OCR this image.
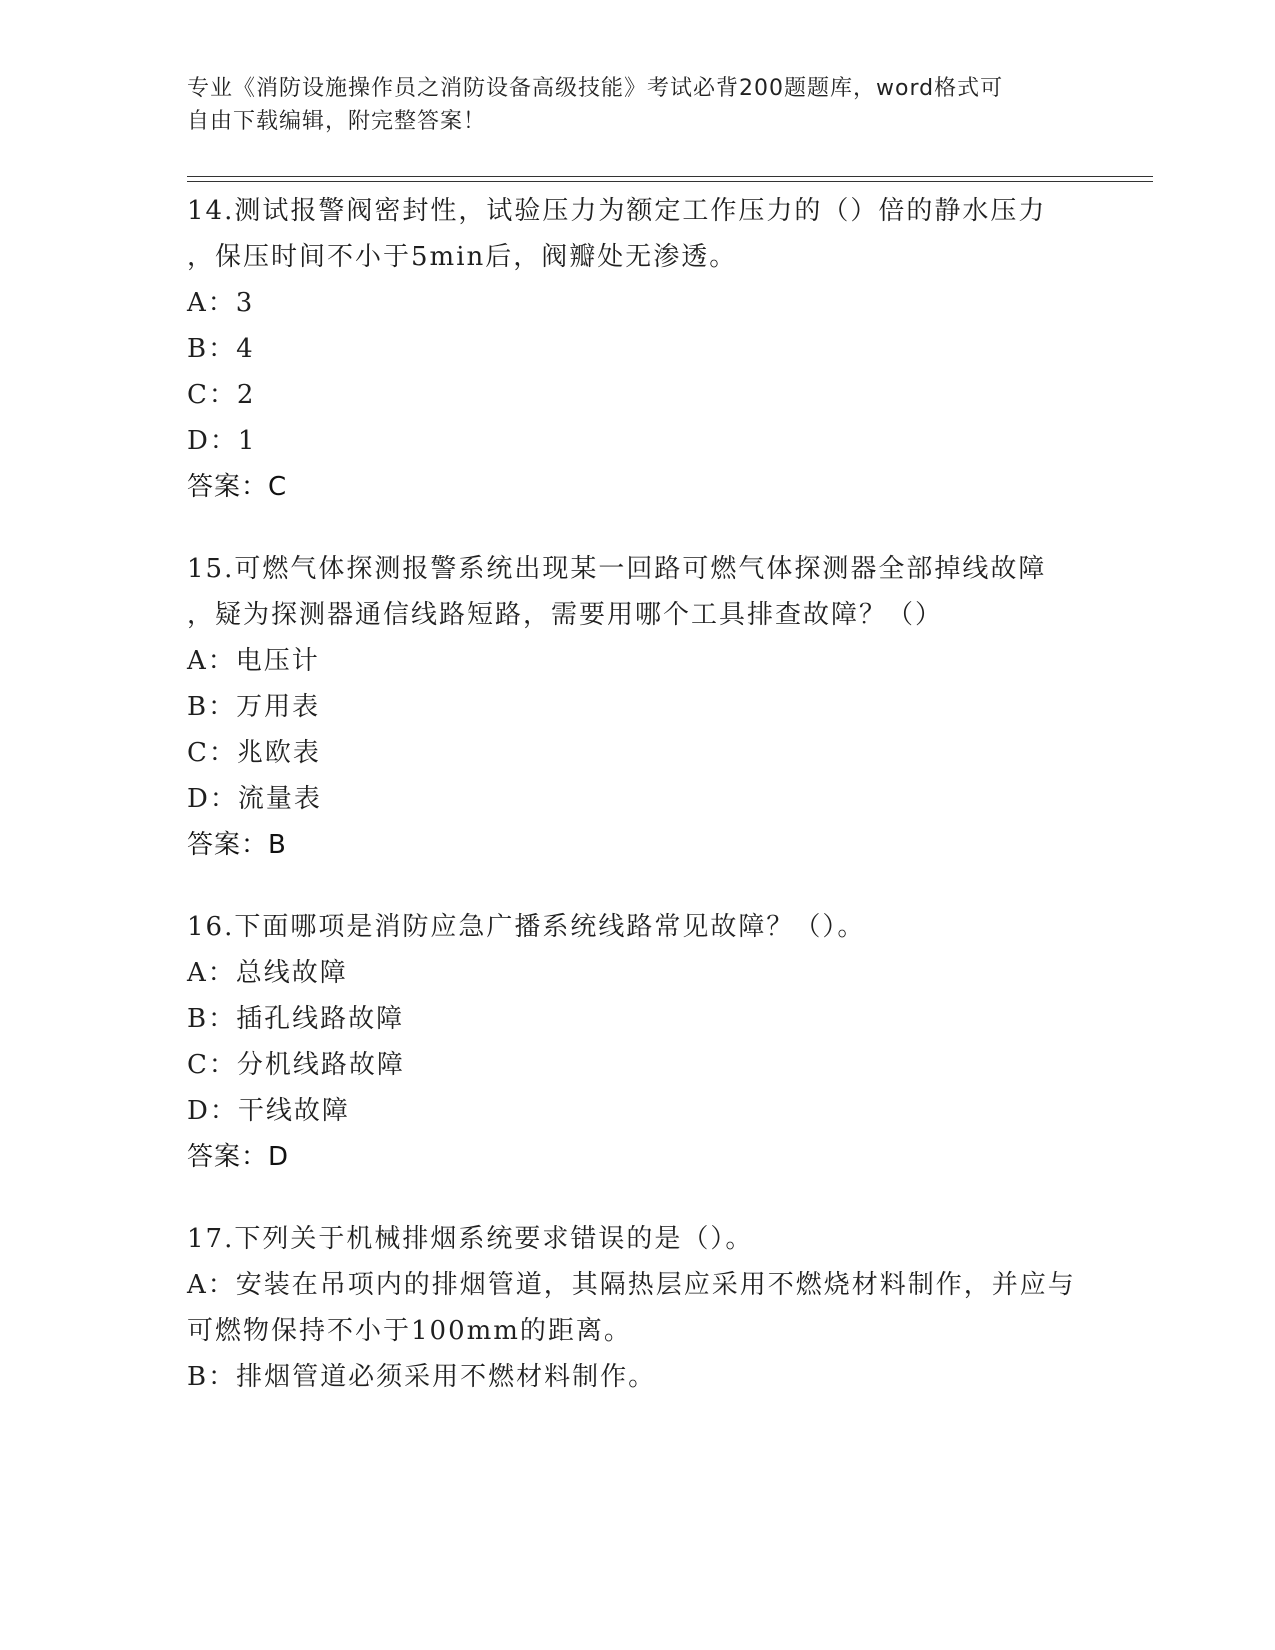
专业《消防设施操作员之消防设备高级技能》考试必背200题题库，word格式可
自由下载编辑，附完整答案！

14.测试报警阀密封性，试验压力为额定工作压力的（）倍的静水压力

，保压时间不小于5min后，阀瓣处无渗透。

A：3

B：4

C：2

D：1

答案：C

15.可燃气体探测报警系统出现某一回路可燃气体探测器全部掉线故障

，疑为探测器通信线路短路，需要用哪个工具排查故障？（）

A：电压计

B：万用表

C：兆欧表

D：流量表

答案：B

16.下面哪项是消防应急广播系统线路常见故障？（）。

A：总线故障

B：插孔线路故障

C：分机线路故障

D：干线故障

答案：D

17.下列关于机械排烟系统要求错误的是（）。

A：安装在吊项内的排烟管道，其隔热层应采用不燃烧材料制作，并应与可燃物保持不小于100mm的距离。

B：排烟管道必须采用不燃材料制作。
